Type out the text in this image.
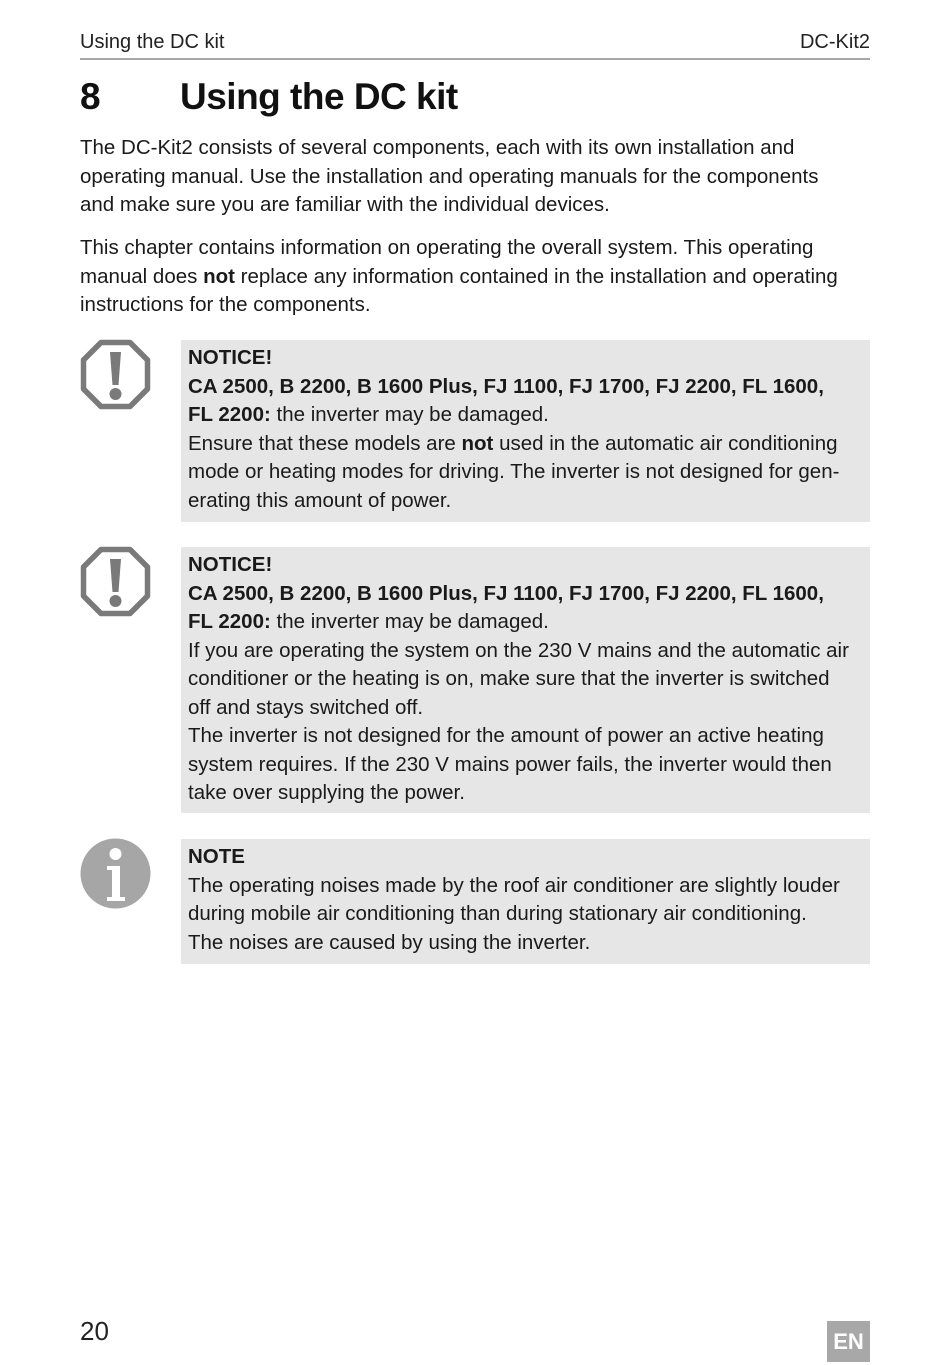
Using the DC kit	DC-Kit2
8 Using the DC kit
The DC-Kit2 consists of several components, each with its own installation and
operating manual. Use the installation and operating manuals for the components
and make sure you are familiar with the individual devices.
This chapter contains information on operating the overall system. This operating
manual does not replace any information contained in the installation and operating
instructions for the components.
NOTICE!
CA 2500, B 2200, B 1600 Plus, FJ 1100, FJ 1700, FJ 2200, FL 1600,
FL 2200: the inverter may be damaged.
Ensure that these models are not used in the automatic air conditioning
mode or heating modes for driving. The inverter is not designed for gen-
erating this amount of power.
NOTICE!
CA 2500, B 2200, B 1600 Plus, FJ 1100, FJ 1700, FJ 2200, FL 1600,
FL 2200: the inverter may be damaged.
If you are operating the system on the 230 V mains and the automatic air
conditioner or the heating is on, make sure that the inverter is switched
off and stays switched off.
The inverter is not designed for the amount of power an active heating
system requires. If the 230 V mains power fails, the inverter would then
take over supplying the power.
NOTE
The operating noises made by the roof air conditioner are slightly louder
during mobile air conditioning than during stationary air conditioning.
The noises are caused by using the inverter.
20	EN
